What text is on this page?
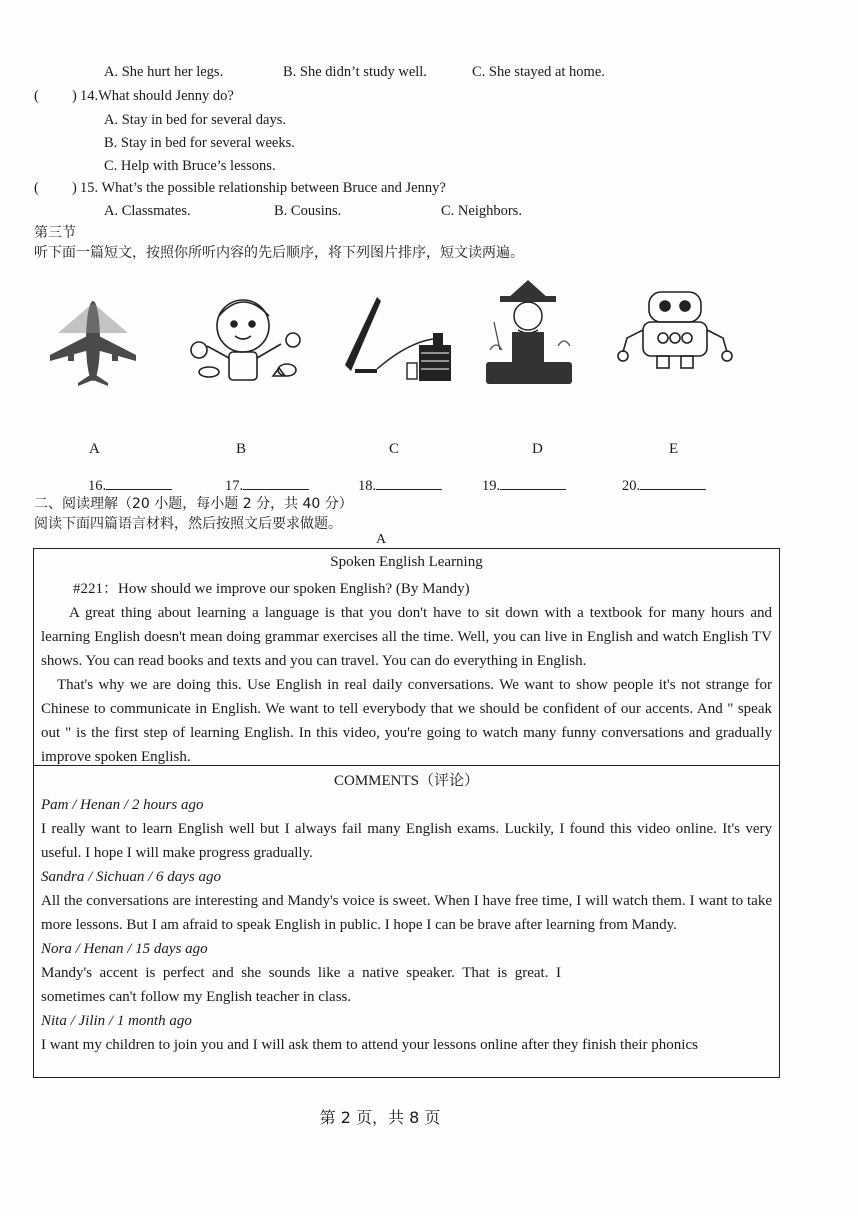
A. She hurt her legs.	B. She didn’t study well.	C. She stayed at home.
( ) 14.What should Jenny do?
A. Stay in bed for several days.
B. Stay in bed for several weeks.
C. Help with Bruce’s lessons.
( ) 15. What’s the possible relationship between Bruce and Jenny?
A. Classmates.	B. Cousins.	C. Neighbors.
第三节
听下面一篇短文，按照你所听内容的先后顺序，将下列图片排序，短文读两遍。
A	B	C	D	E
16.	17.	18.	19.	20.
二、阅读理解（20 小题，每小题 2 分，共 40 分）
阅读下面四篇语言材料，然后按照文后要求做题。
A
Spoken English Learning

#221：How should we improve our spoken English? (By Mandy)

A great thing about learning a language is that you don't have to sit down with a textbook for many hours and learning English doesn't mean doing grammar exercises all the time. Well, you can live in English and watch English TV shows. You can read books and texts and you can travel. You can do everything in English.

That's why we are doing this. Use English in real daily conversations. We want to show people it's not strange for Chinese to communicate in English. We want to tell everybody that we should be confident of our accents. And " speak out " is the first step of learning English. In this video, you're going to watch many funny conversations and gradually improve spoken English.

COMMENTS（评论）

Pam / Henan / 2 hours ago

I really want to learn English well but I always fail many English exams. Luckily, I found this video online. It's very useful. I hope I will make progress gradually.

Sandra / Sichuan / 6 days ago

All the conversations are interesting and Mandy's voice is sweet. When I have free time, I will watch them. I want to take more lessons. But I am afraid to speak English in public. I hope I can be brave after learning from Mandy.

Nora / Henan / 15 days ago

Mandy's accent is perfect and she sounds like a native speaker. That is great. I sometimes can't follow my English teacher in class.

Nita / Jilin / 1 month ago

I want my children to join you and I will ask them to attend your lessons online after they finish their phonics

第 2 页，共 8 页
